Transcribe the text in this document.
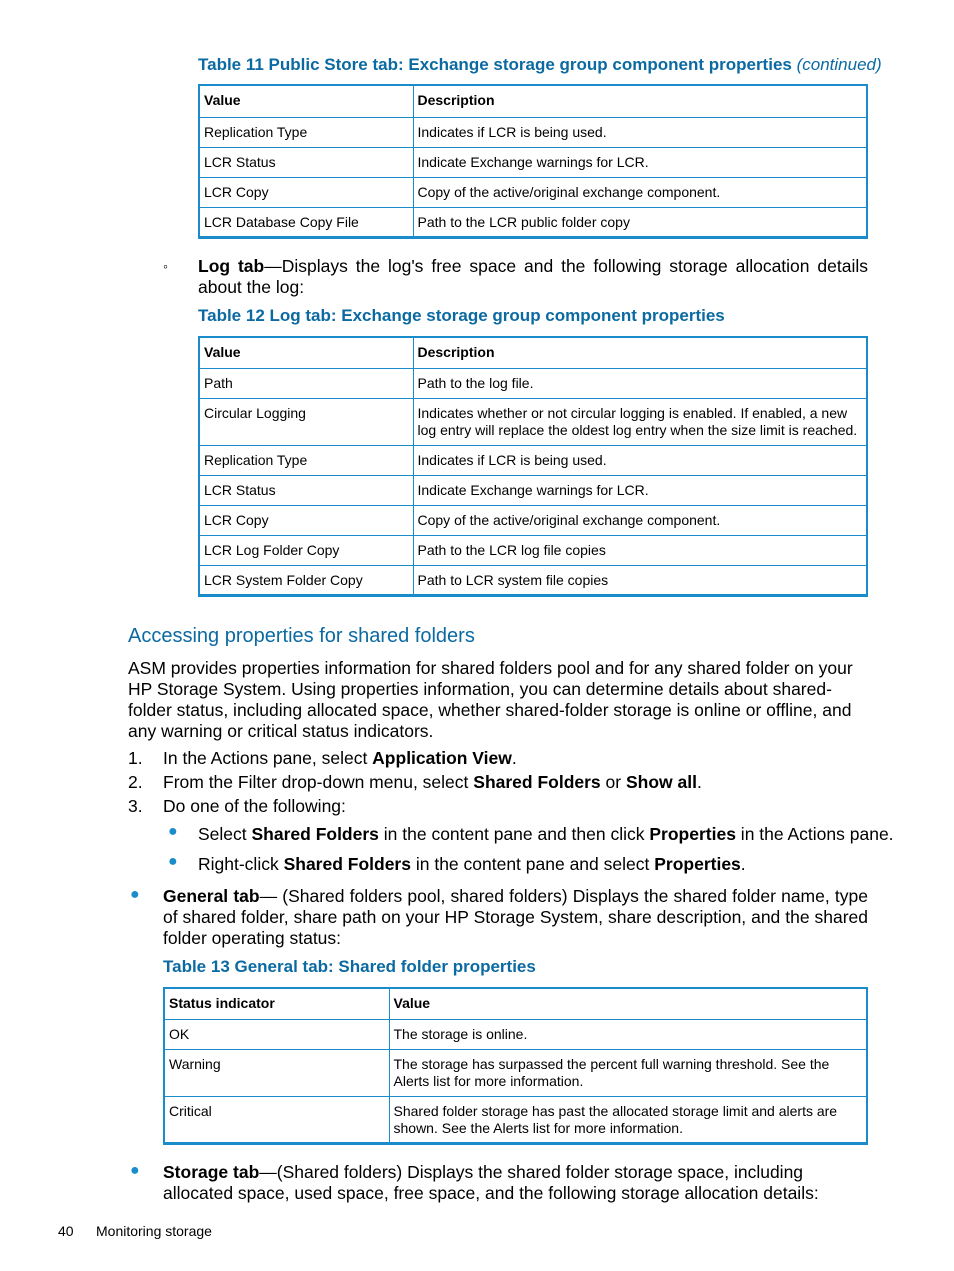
Table 11 Public Store tab: Exchange storage group component properties (continued)
Value	Description
Replication Type	Indicates if LCR is being used.
LCR Status	Indicate Exchange warnings for LCR.
LCR Copy	Copy of the active/original exchange component.
LCR Database Copy File	Path to the LCR public folder copy
◦ Log tab—Displays the log's free space and the following storage allocation details about the log:
Table 12 Log tab: Exchange storage group component properties
Value	Description
Path	Path to the log file.
Circular Logging	Indicates whether or not circular logging is enabled. If enabled, a new log entry will replace the oldest log entry when the size limit is reached.
Replication Type	Indicates if LCR is being used.
LCR Status	Indicate Exchange warnings for LCR.
LCR Copy	Copy of the active/original exchange component.
LCR Log Folder Copy	Path to the LCR log file copies
LCR System Folder Copy	Path to LCR system file copies
Accessing properties for shared folders
ASM provides properties information for shared folders pool and for any shared folder on your HP Storage System. Using properties information, you can determine details about shared-folder status, including allocated space, whether shared-folder storage is online or offline, and any warning or critical status indicators.
1. In the Actions pane, select Application View.
2. From the Filter drop-down menu, select Shared Folders or Show all.
3. Do one of the following:
● Select Shared Folders in the content pane and then click Properties in the Actions pane.
● Right-click Shared Folders in the content pane and select Properties.
● General tab— (Shared folders pool, shared folders) Displays the shared folder name, type of shared folder, share path on your HP Storage System, share description, and the shared folder operating status:
Table 13 General tab: Shared folder properties
Status indicator	Value
OK	The storage is online.
Warning	The storage has surpassed the percent full warning threshold. See the Alerts list for more information.
Critical	Shared folder storage has past the allocated storage limit and alerts are shown. See the Alerts list for more information.
● Storage tab—(Shared folders) Displays the shared folder storage space, including allocated space, used space, free space, and the following storage allocation details:
40 Monitoring storage
